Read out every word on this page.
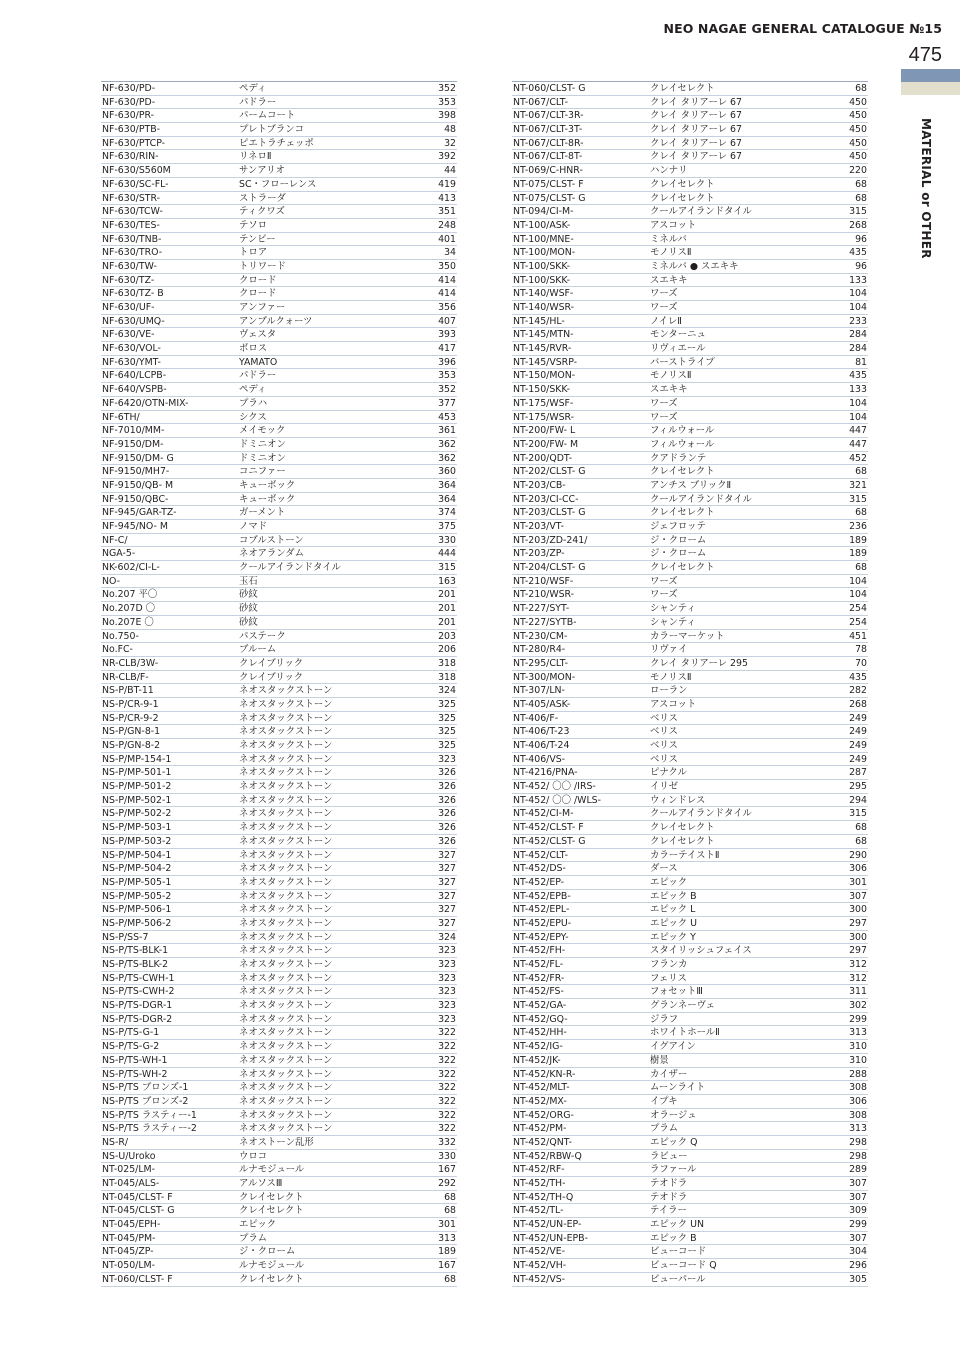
NEO NAGAE GENERAL CATALOGUE №15
475
MATERIAL or OTHER
NF-630/PD-	ペディ	352
NF-630/PD-	パドラー	353
NF-630/PR-	パームコート	398
NF-630/PTB-	プレトブランコ	48
NF-630/PTCP-	ピエトラチェッポ	32
NF-630/RIN-	リネロⅡ	392
NF-630/S560M	サンアリオ	44
NF-630/SC-FL-	SC・フローレンス	419
NF-630/STR-	ストラーダ	413
NF-630/TCW-	ティクワズ	351
NF-630/TES-	テソロ	248
NF-630/TNB-	テンビー	401
NF-630/TRO-	トロア	34
NF-630/TW-	トリワード	350
NF-630/TZ-	クロード	414
NF-630/TZ- B	クロード	414
NF-630/UF-	アンファー	356
NF-630/UMQ-	アンブルクォーツ	407
NF-630/VE-	ヴェスタ	393
NF-630/VOL-	ボロス	417
NF-630/YMT-	YAMATO	396
NF-640/LCPB-	パドラー	353
NF-640/VSPB-	ペディ	352
NF-6420/OTN-MIX-	プラハ	377
NF-6TH/	シクス	453
NF-7010/MM-	メイモック	361
NF-9150/DM-	ドミニオン	362
NF-9150/DM- G	ドミニオン	362
NF-9150/MH7-	コニファー	360
NF-9150/QB- M	キューボック	364
NF-9150/QBC-	キューボック	364
NF-945/GAR-TZ-	ガーメント	374
NF-945/NO- M	ノマド	375
NF-C/	コブルストーン	330
NGA-5-	ネオアランダム	444
NK-602/CI-L-	クールアイランドタイル	315
NO-	玉石	163
No.207 平〇	砂紋	201
No.207D 〇	砂紋	201
No.207E 〇	砂紋	201
No.750-	パステーク	203
No.FC-	ブルーム	206
NR-CLB/3W-	クレイブリック	318
NR-CLB/F-	クレイブリック	318
NS-P/BT-11	ネオスタックストーン	324
NS-P/CR-9-1	ネオスタックストーン	325
NS-P/CR-9-2	ネオスタックストーン	325
NS-P/GN-8-1	ネオスタックストーン	325
NS-P/GN-8-2	ネオスタックストーン	325
NS-P/MP-154-1	ネオスタックストーン	323
NS-P/MP-501-1	ネオスタックストーン	326
NS-P/MP-501-2	ネオスタックストーン	326
NS-P/MP-502-1	ネオスタックストーン	326
NS-P/MP-502-2	ネオスタックストーン	326
NS-P/MP-503-1	ネオスタックストーン	326
NS-P/MP-503-2	ネオスタックストーン	326
NS-P/MP-504-1	ネオスタックストーン	327
NS-P/MP-504-2	ネオスタックストーン	327
NS-P/MP-505-1	ネオスタックストーン	327
NS-P/MP-505-2	ネオスタックストーン	327
NS-P/MP-506-1	ネオスタックストーン	327
NS-P/MP-506-2	ネオスタックストーン	327
NS-P/SS-7	ネオスタックストーン	324
NS-P/TS-BLK-1	ネオスタックストーン	323
NS-P/TS-BLK-2	ネオスタックストーン	323
NS-P/TS-CWH-1	ネオスタックストーン	323
NS-P/TS-CWH-2	ネオスタックストーン	323
NS-P/TS-DGR-1	ネオスタックストーン	323
NS-P/TS-DGR-2	ネオスタックストーン	323
NS-P/TS-G-1	ネオスタックストーン	322
NS-P/TS-G-2	ネオスタックストーン	322
NS-P/TS-WH-1	ネオスタックストーン	322
NS-P/TS-WH-2	ネオスタックストーン	322
NS-P/TS ブロンズ-1	ネオスタックストーン	322
NS-P/TS ブロンズ-2	ネオスタックストーン	322
NS-P/TS ラスティー-1	ネオスタックストーン	322
NS-P/TS ラスティー-2	ネオスタックストーン	322
NS-R/	ネオストーン乱形	332
NS-U/Uroko	ウロコ	330
NT-025/LM-	ルナモジュール	167
NT-045/ALS-	アルソスⅢ	292
NT-045/CLST- F	クレイセレクト	68
NT-045/CLST- G	クレイセレクト	68
NT-045/EPH-	エピック	301
NT-045/PM-	プラム	313
NT-045/ZP-	ジ・クローム	189
NT-050/LM-	ルナモジュール	167
NT-060/CLST- F	クレイセレクト	68
NT-060/CLST- G	クレイセレクト	68
NT-067/CLT-	クレイ タリアーレ 67	450
NT-067/CLT-3R-	クレイ タリアーレ 67	450
NT-067/CLT-3T-	クレイ タリアーレ 67	450
NT-067/CLT-8R-	クレイ タリアーレ 67	450
NT-067/CLT-8T-	クレイ タリアーレ 67	450
NT-069/C-HNR-	ハンナリ	220
NT-075/CLST- F	クレイセレクト	68
NT-075/CLST- G	クレイセレクト	68
NT-094/CI-M-	クールアイランドタイル	315
NT-100/ASK-	アスコット	268
NT-100/MNE-	ミネルバ	96
NT-100/MON-	モノリスⅡ	435
NT-100/SKK-	ミネルバ ● スエキキ	96
NT-100/SKK-	スエキキ	133
NT-140/WSF-	ワーズ	104
NT-140/WSR-	ワーズ	104
NT-145/HL-	ノイレⅡ	233
NT-145/MTN-	モンターニュ	284
NT-145/RVR-	リヴィエール	284
NT-145/VSRP-	バーストライプ	81
NT-150/MON-	モノリスⅡ	435
NT-150/SKK-	スエキキ	133
NT-175/WSF-	ワーズ	104
NT-175/WSR-	ワーズ	104
NT-200/FW- L	フィルウォール	447
NT-200/FW- M	フィルウォール	447
NT-200/QDT-	クアドランテ	452
NT-202/CLST- G	クレイセレクト	68
NT-203/CB-	アンチス ブリックⅡ	321
NT-203/CI-CC-	クールアイランドタイル	315
NT-203/CLST- G	クレイセレクト	68
NT-203/VT-	ジェフロッテ	236
NT-203/ZD-241/	ジ・クローム	189
NT-203/ZP-	ジ・クローム	189
NT-204/CLST- G	クレイセレクト	68
NT-210/WSF-	ワーズ	104
NT-210/WSR-	ワーズ	104
NT-227/SYT-	シャンティ	254
NT-227/SYTB-	シャンティ	254
NT-230/CM-	カラーマーケット	451
NT-280/R4-	リヴァイ	78
NT-295/CLT-	クレイ タリアーレ 295	70
NT-300/MON-	モノリスⅡ	435
NT-307/LN-	ローラン	282
NT-405/ASK-	アスコット	268
NT-406/F-	ベリス	249
NT-406/T-23	ベリス	249
NT-406/T-24	ベリス	249
NT-406/VS-	ベリス	249
NT-4216/PNA-	ピナクル	287
NT-452/ 〇〇 /IRS-	イリゼ	295
NT-452/ 〇〇 /WLS-	ウィンドレス	294
NT-452/CI-M-	クールアイランドタイル	315
NT-452/CLST- F	クレイセレクト	68
NT-452/CLST- G	クレイセレクト	68
NT-452/CLT-	カラーテイストⅡ	290
NT-452/DS-	ダース	306
NT-452/EP-	エピック	301
NT-452/EPB-	エピック B	307
NT-452/EPL-	エピック L	300
NT-452/EPU-	エピック U	297
NT-452/EPY-	エピック Y	300
NT-452/FH-	スタイリッシュフェイス	297
NT-452/FL-	フランカ	312
NT-452/FR-	フェリス	312
NT-452/FS-	フォセットⅢ	311
NT-452/GA-	グランネーヴェ	302
NT-452/GQ-	ジラフ	299
NT-452/HH-	ホワイトホールⅡ	313
NT-452/IG-	イグアイン	310
NT-452/JK-	樹景	310
NT-452/KN-R-	カイザー	288
NT-452/MLT-	ムーンライト	308
NT-452/MX-	イプキ	306
NT-452/ORG-	オラージュ	308
NT-452/PM-	プラム	313
NT-452/QNT-	エピック Q	298
NT-452/RBW-Q	ラビュー	298
NT-452/RF-	ラファール	289
NT-452/TH-	テオドラ	307
NT-452/TH-Q	テオドラ	307
NT-452/TL-	テイラー	309
NT-452/UN-EP-	エピック UN	299
NT-452/UN-EPB-	エピック B	307
NT-452/VE-	ビューコード	304
NT-452/VH-	ビューコード Q	296
NT-452/VS-	ビューパール	305
